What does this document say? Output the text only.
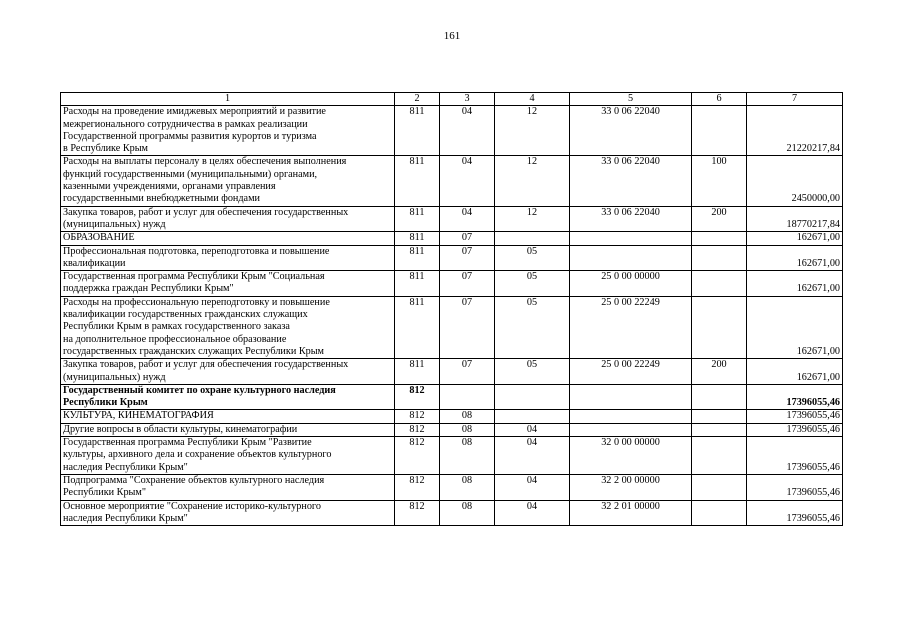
161
1	2	3	4	5	6	7
Расходы на проведение имиджевых мероприятий и развитие
межрегионального сотрудничества в рамках реализации
Государственной программы развития курортов и туризма
в Республике Крым	811	04	12	33 0 06 22040		21220217,84
Расходы на выплаты персоналу в целях обеспечения выполнения
функций государственными (муниципальными) органами,
казенными учреждениями, органами управления
государственными внебюджетными фондами	811	04	12	33 0 06 22040	100	2450000,00
Закупка товаров, работ и услуг для обеспечения государственных
(муниципальных) нужд	811	04	12	33 0 06 22040	200	18770217,84
ОБРАЗОВАНИЕ	811	07				162671,00
Профессиональная подготовка, переподготовка и повышение
квалификации	811	07	05			162671,00
Государственная программа Республики Крым "Социальная
поддержка граждан Республики Крым"	811	07	05	25 0 00 00000		162671,00
Расходы на профессиональную переподготовку и повышение
квалификации государственных гражданских служащих
Республики Крым в рамках государственного заказа
на дополнительное профессиональное образование
государственных гражданских служащих Республики Крым	811	07	05	25 0 00 22249		162671,00
Закупка товаров, работ и услуг для обеспечения государственных
(муниципальных) нужд	811	07	05	25 0 00 22249	200	162671,00
Государственный комитет по охране культурного наследия
Республики Крым	812					17396055,46
КУЛЬТУРА, КИНЕМАТОГРАФИЯ	812	08				17396055,46
Другие вопросы в области культуры, кинематографии	812	08	04			17396055,46
Государственная программа Республики Крым "Развитие
культуры, архивного дела и сохранение объектов культурного
наследия Республики Крым"	812	08	04	32 0 00 00000		17396055,46
Подпрограмма "Сохранение объектов культурного наследия
Республики Крым"	812	08	04	32 2 00 00000		17396055,46
Основное мероприятие "Сохранение историко-культурного
наследия Республики Крым"	812	08	04	32 2 01 00000		17396055,46
